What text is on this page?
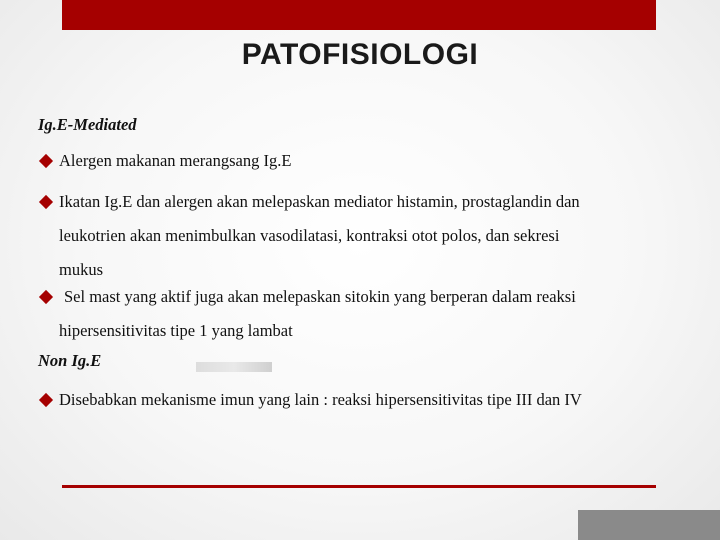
PATOFISIOLOGI
Ig.E-Mediated
Alergen makanan merangsang Ig.E
Ikatan Ig.E dan alergen akan melepaskan mediator histamin, prostaglandin dan
leukotrien akan menimbulkan vasodilatasi, kontraksi otot polos, dan sekresi
mukus
Sel mast yang aktif juga akan melepaskan sitokin yang berperan dalam reaksi
hipersensitivitas tipe 1 yang lambat
Non Ig.E
Disebabkan mekanisme imun yang lain : reaksi hipersensitivitas tipe III dan IV
